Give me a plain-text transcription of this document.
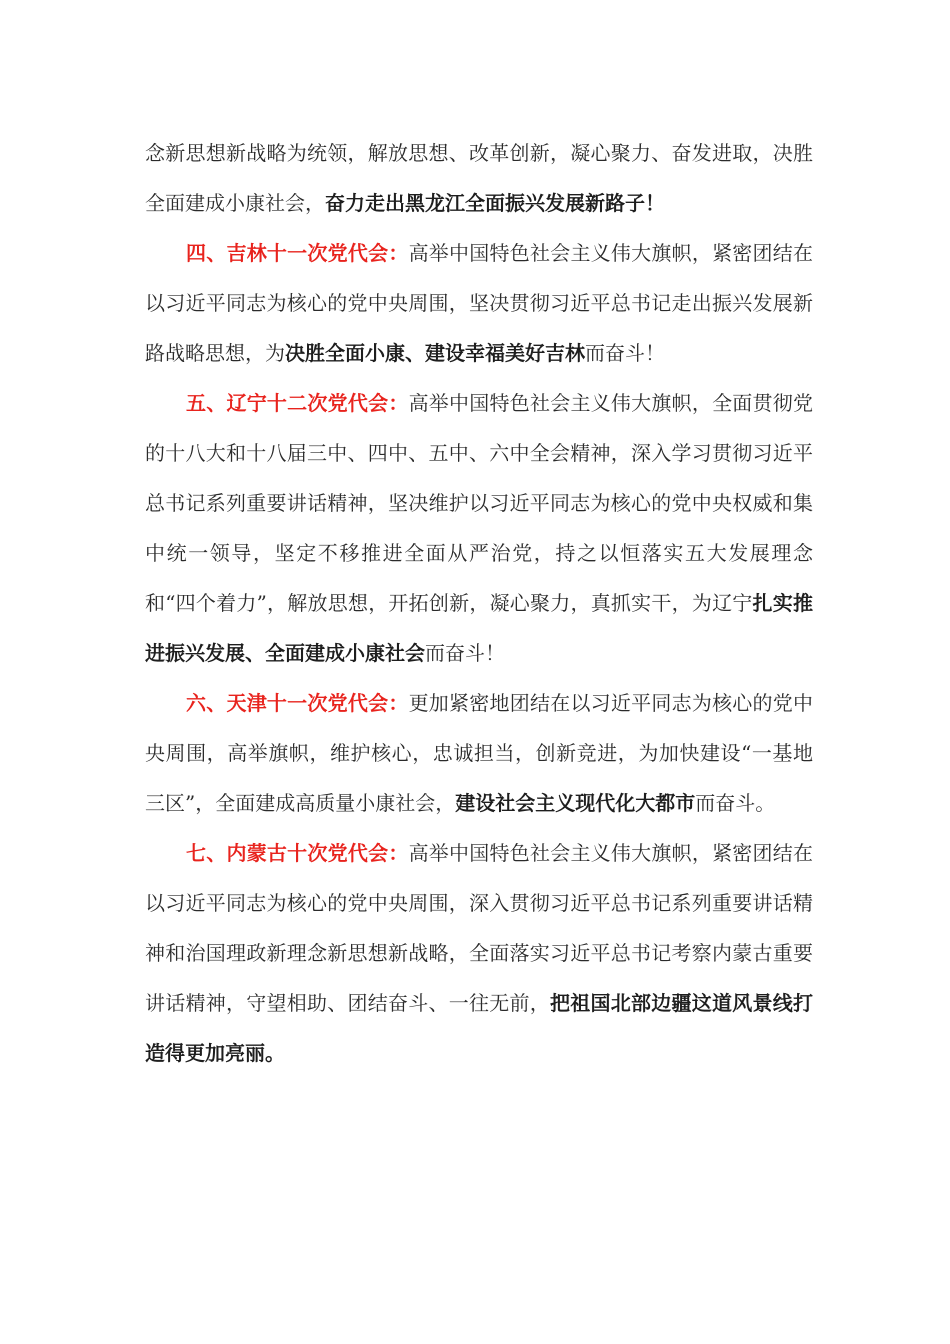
念新思想新战略为统领，解放思想、改革创新，凝心聚力、奋发进取，决胜全面建成小康社会，奋力走出黑龙江全面振兴发展新路子！

四、吉林十一次党代会：高举中国特色社会主义伟大旗帜，紧密团结在以习近平同志为核心的党中央周围，坚决贯彻习近平总书记走出振兴发展新路战略思想，为决胜全面小康、建设幸福美好吉林而奋斗！

五、辽宁十二次党代会：高举中国特色社会主义伟大旗帜，全面贯彻党的十八大和十八届三中、四中、五中、六中全会精神，深入学习贯彻习近平总书记系列重要讲话精神，坚决维护以习近平同志为核心的党中央权威和集中统一领导，坚定不移推进全面从严治党，持之以恒落实五大发展理念和“四个着力”，解放思想，开拓创新，凝心聚力，真抓实干，为辽宁扎实推进振兴发展、全面建成小康社会而奋斗！

六、天津十一次党代会：更加紧密地团结在以习近平同志为核心的党中央周围，高举旗帜，维护核心，忠诚担当，创新竞进，为加快建设“一基地三区”，全面建成高质量小康社会，建设社会主义现代化大都市而奋斗。

七、内蒙古十次党代会：高举中国特色社会主义伟大旗帜，紧密团结在以习近平同志为核心的党中央周围，深入贯彻习近平总书记系列重要讲话精神和治国理政新理念新思想新战略，全面落实习近平总书记考察内蒙古重要讲话精神，守望相助、团结奋斗、一往无前，把祖国北部边疆这道风景线打造得更加亮丽。
